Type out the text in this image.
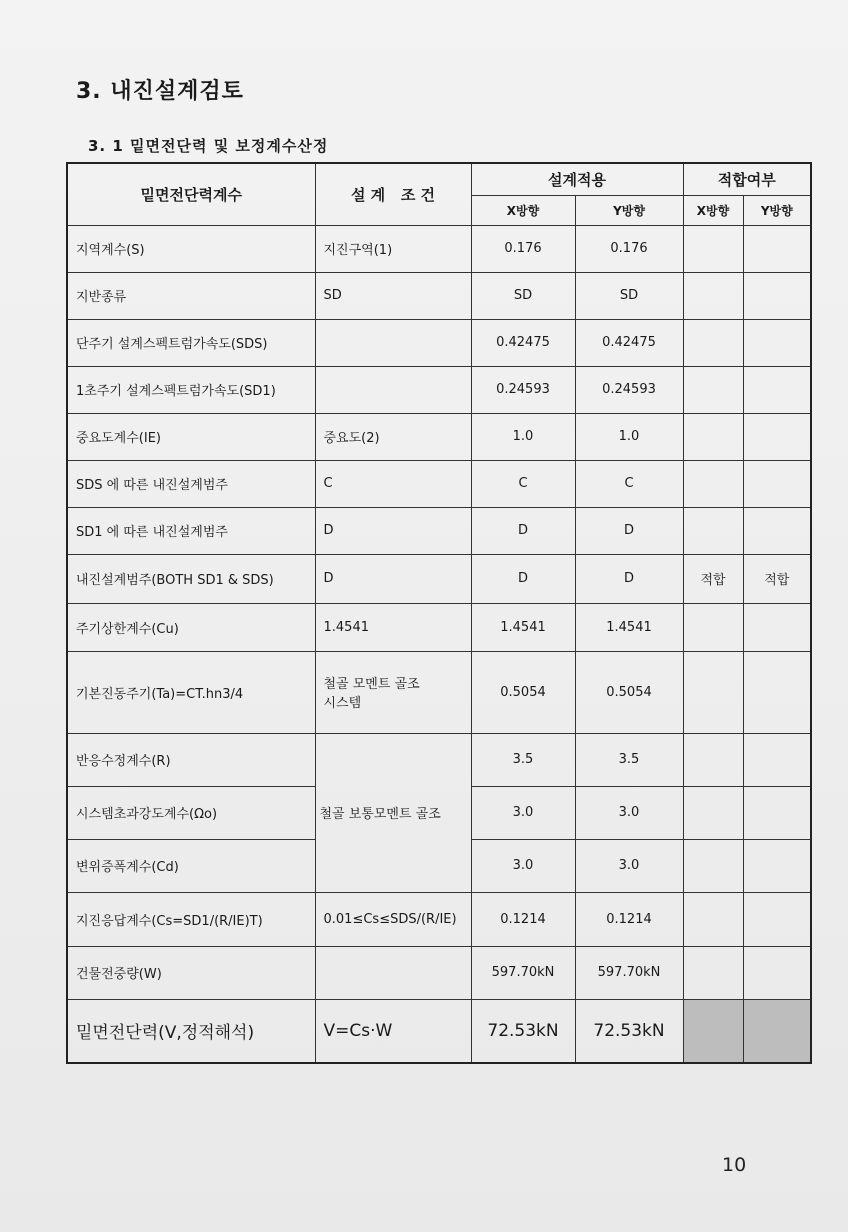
3. 내진설계검토
3. 1 밑면전단력 및 보정계수산정
밑면전단력계수	설 계   조 건	설계적용		적합여부	
		X방향	Y방향	X방향	Y방향
지역계수(S)	지진구역(1)	0.176	0.176		
지반종류	SD	SD	SD		
단주기 설계스펙트럼가속도(SDS)		0.42475	0.42475		
1초주기 설계스펙트럼가속도(SD1)		0.24593	0.24593		
중요도계수(IE)	중요도(2)	1.0	1.0		
SDS 에 따른 내진설계범주	C	C	C		
SD1 에 따른 내진설계범주	D	D	D		
내진설계범주(BOTH SD1 & SDS)	D	D	D	적합	적합
주기상한계수(Cu)	1.4541	1.4541	1.4541		
기본진동주기(Ta)=CT.hn3/4	철골 모멘트 골조 시스템	0.5054	0.5054		
반응수정계수(R)	철골 보통모멘트 골조	3.5	3.5		
시스템초과강도계수(Ωo)		3.0	3.0		
변위증폭계수(Cd)		3.0	3.0		
지진응답계수(Cs=SD1/(R/IE)T)	0.01≤Cs≤SDS/(R/IE)	0.1214	0.1214		
건물전중량(W)		597.70kN	597.70kN		
밑면전단력(V,정적해석)	V=Cs·W	72.53kN	72.53kN		
10
